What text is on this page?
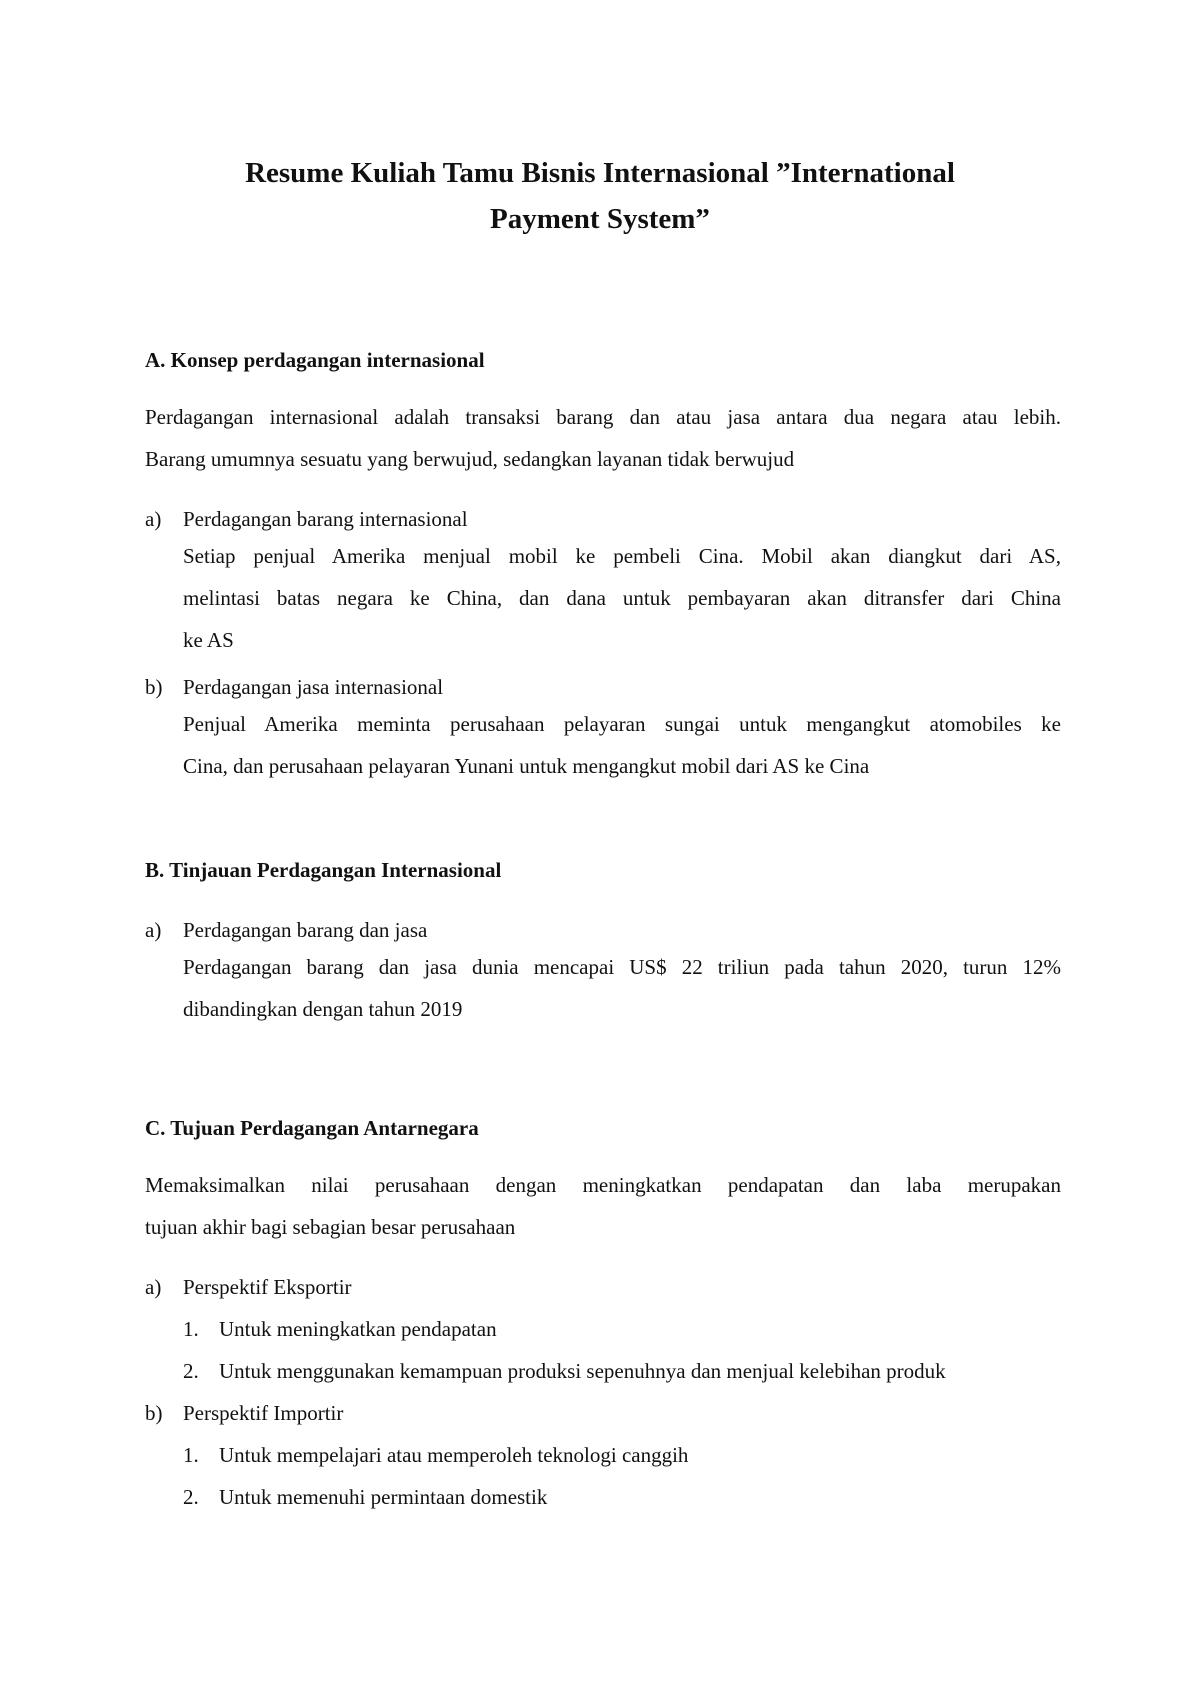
Resume Kuliah Tamu Bisnis Internasional ”International
Payment System”
A. Konsep perdagangan internasional
Perdagangan internasional adalah transaksi barang dan atau jasa antara dua negara atau lebih.
Barang umumnya sesuatu yang berwujud, sedangkan layanan tidak berwujud
a) Perdagangan barang internasional
Setiap penjual Amerika menjual mobil ke pembeli Cina. Mobil akan diangkut dari AS,
melintasi batas negara ke China, dan dana untuk pembayaran akan ditransfer dari China
ke AS
b) Perdagangan jasa internasional
Penjual Amerika meminta perusahaan pelayaran sungai untuk mengangkut atomobiles ke
Cina, dan perusahaan pelayaran Yunani untuk mengangkut mobil dari AS ke Cina
B. Tinjauan Perdagangan Internasional
a) Perdagangan barang dan jasa
Perdagangan barang dan jasa dunia mencapai US$ 22 triliun pada tahun 2020, turun 12%
dibandingkan dengan tahun 2019
C. Tujuan Perdagangan Antarnegara
Memaksimalkan nilai perusahaan dengan meningkatkan pendapatan dan laba merupakan
tujuan akhir bagi sebagian besar perusahaan
a) Perspektif Eksportir
1. Untuk meningkatkan pendapatan
2. Untuk menggunakan kemampuan produksi sepenuhnya dan menjual kelebihan produk
b) Perspektif Importir
1. Untuk mempelajari atau memperoleh teknologi canggih
2. Untuk memenuhi permintaan domestik
